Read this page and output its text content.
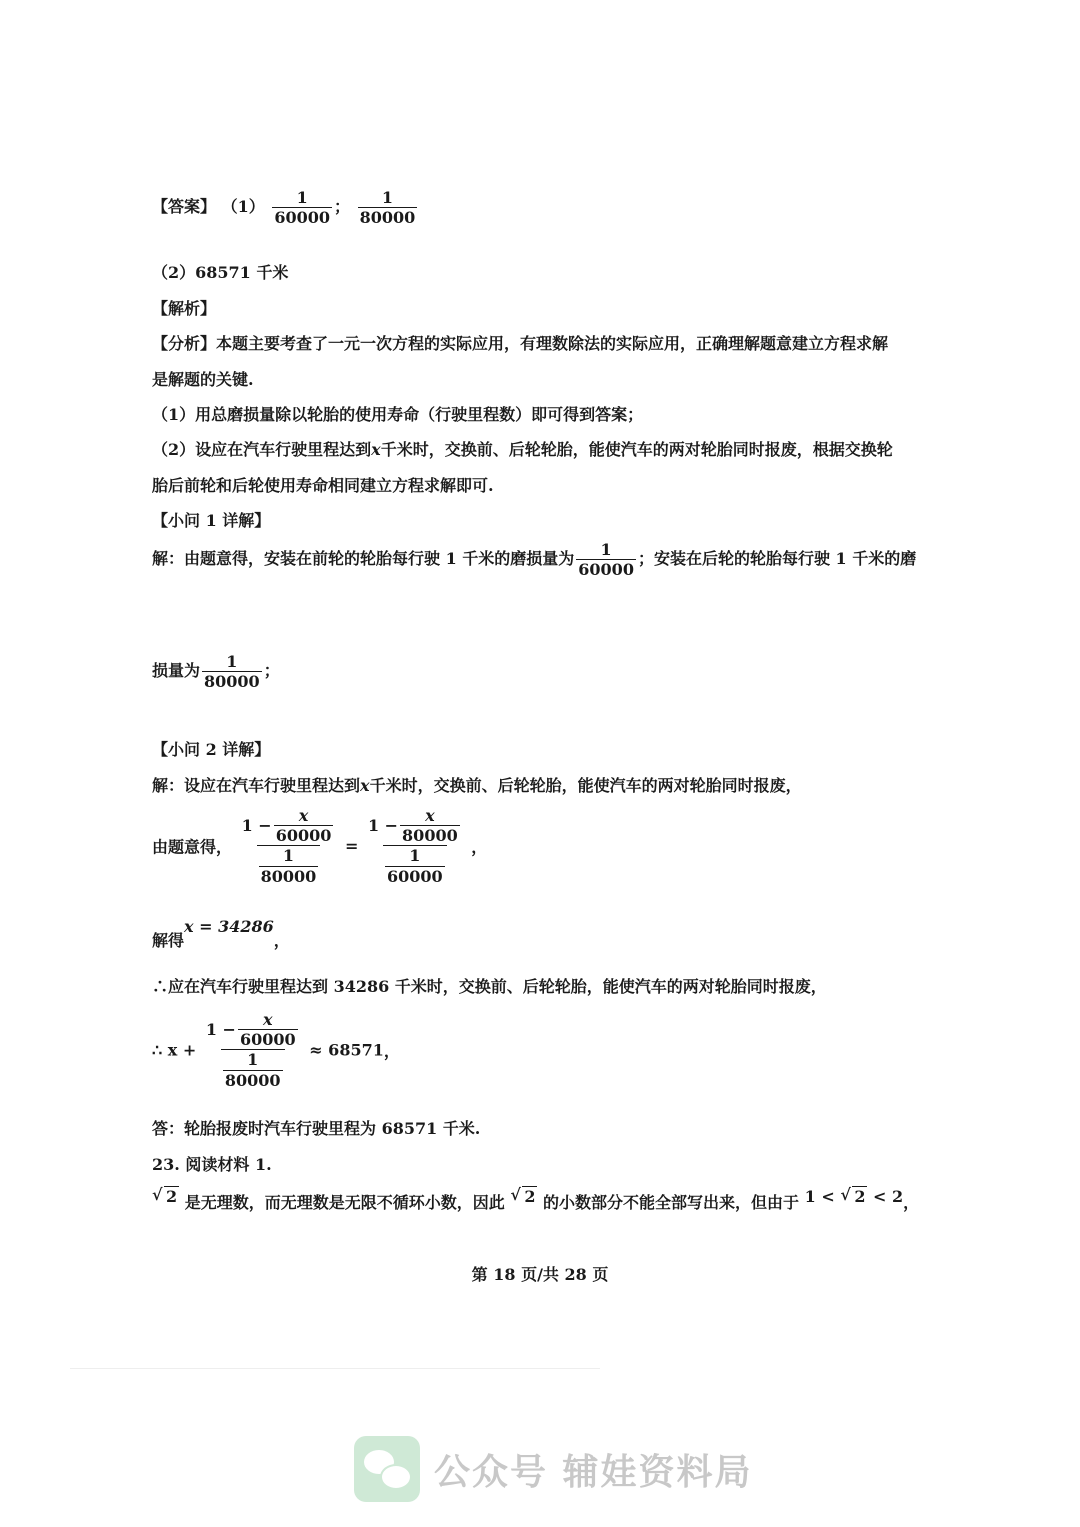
【答案】 $(1) \frac{1}{60000}$ ； $\frac{1}{80000}$
（2）68571 千米
【解析】
【分析】本题主要考查了一元一次方程的实际应用，有理数除法的实际应用，正确理解题意建立方程求解
是解题的关键.
（1）用总磨损量除以轮胎的使用寿命（行驶里程数）即可得到答案；
（2）设应在汽车行驶里程达到x千米时，交换前、后轮轮胎，能使汽车的两对轮胎同时报废，根据交换轮
胎后前轮和后轮使用寿命相同建立方程求解即可.
【小问 1 详解】
解：由题意得，安装在前轮的轮胎每行驶 1 千米的磨损量为 $\frac{1}{60000}$ ；安装在后轮的轮胎每行驶 1 千米的磨
损量为 $\frac{1}{80000}$ ；
【小问 2 详解】
解：设应在汽车行驶里程达到x千米时，交换前、后轮轮胎，能使汽车的两对轮胎同时报废，
由题意得， $1 - \frac{x}{60000}$
1
$80000 = 1 - \frac{x}{80000}$
1
60000 ，
解得x = 34286，
∴应在汽车行驶里程达到 34286 千米时，交换前、后轮轮胎，能使汽车的两对轮胎同时报废，
∴ $x + 1 - \frac{x}{60000}$
1
80000 ≈ 68571，
答：轮胎报废时汽车行驶里程为 68571 千米.
23. 阅读材料 1.
√ 2 是无理数，而无理数是无限不循环小数，因此 √ 2 的小数部分不能全部写出来，但由于 1 < √ 2 < 2，
第 18 页/共 28 页
公众号 辅娃资料局
